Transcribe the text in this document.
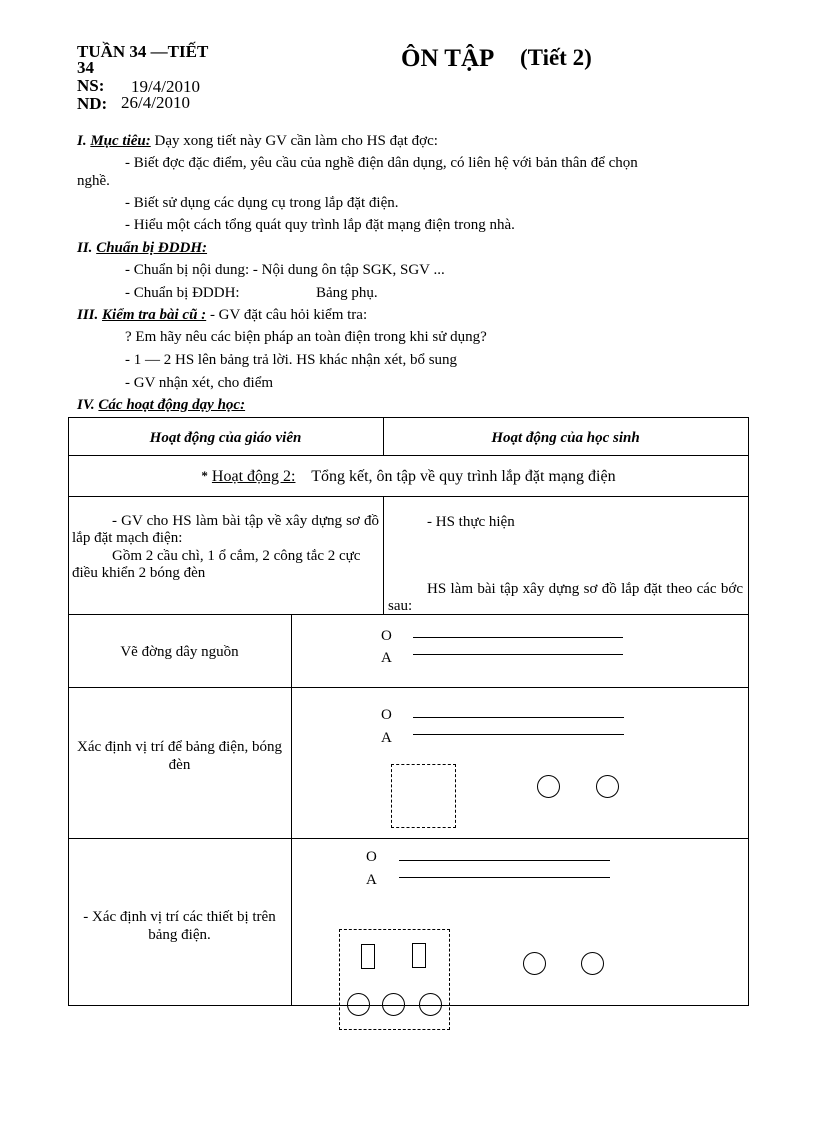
TUẦN 34 —TIẾT
34
NS: 19/4/2010
ND: 26/4/2010
ÔN TẬP (Tiết 2)
I. Mục tiêu: Dạy xong tiết này GV cần làm cho HS đạt đợc:
- Biết đợc đặc điểm, yêu cầu của nghề điện dân dụng, có liên hệ với bản thân để chọn
nghề.
- Biết sử dụng các dụng cụ trong lắp đặt điện.
- Hiểu một cách tổng quát quy trình lắp đặt mạng điện trong nhà.
II. Chuẩn bị ĐDDH:
- Chuẩn bị nội dung: - Nội dung ôn tập SGK, SGV ...
- Chuẩn bị ĐDDH:	Bảng phụ.
III. Kiểm tra bài cũ : - GV đặt câu hỏi kiểm tra:
? Em hãy nêu các biện pháp an toàn điện trong khi sử dụng?
- 1 — 2 HS lên bảng trả lời. HS khác nhận xét, bổ sung
- GV nhận xét, cho điểm
IV. Các hoạt động dạy học:
Hoạt động của giáo viên	Hoạt động của học sinh
* Hoạt động 2: Tổng kết, ôn tập về quy trình lắp đặt mạng điện
- GV cho HS làm bài tập về xây dựng sơ đồ lắp đặt mạch điện:
Gồm 2 cầu chì, 1 ổ cắm, 2 công tắc 2 cực điều khiển 2 bóng đèn
- HS thực hiện
HS làm bài tập xây dựng sơ đồ lắp đặt theo các bớc sau:
Vẽ đờng dây nguồn
O
A
Xác định vị trí để bảng điện, bóng đèn
O
A
- Xác định vị trí các thiết bị trên bảng điện.
O
A
